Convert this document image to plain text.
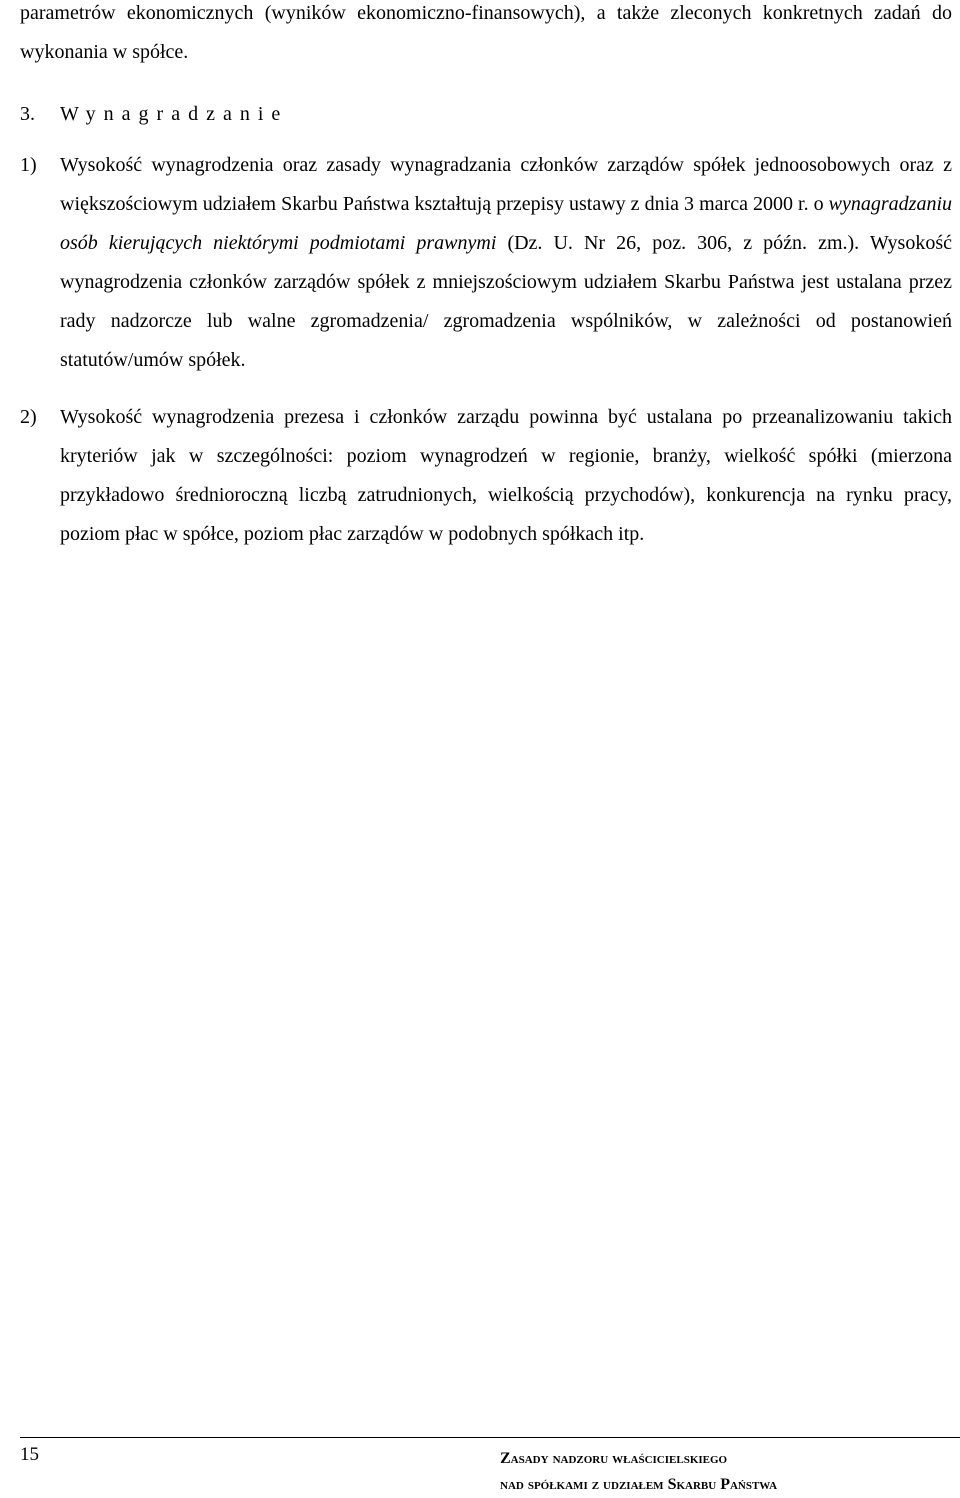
parametrów ekonomicznych (wyników ekonomiczno-finansowych), a także zleconych konkretnych zadań do wykonania w spółce.

3. Wynagradzanie

1) Wysokość wynagrodzenia oraz zasady wynagradzania członków zarządów spółek jednoosobowych oraz z większościowym udziałem Skarbu Państwa kształtują przepisy ustawy z dnia 3 marca 2000 r. o wynagradzaniu osób kierujących niektórymi podmiotami prawnymi (Dz. U. Nr 26, poz. 306, z późn. zm.). Wysokość wynagrodzenia członków zarządów spółek z mniejszościowym udziałem Skarbu Państwa jest ustalana przez rady nadzorcze lub walne zgromadzenia/ zgromadzenia wspólników, w zależności od postanowień statutów/umów spółek.

2) Wysokość wynagrodzenia prezesa i członków zarządu powinna być ustalana po przeanalizowaniu takich kryteriów jak w szczególności: poziom wynagrodzeń w regionie, branży, wielkość spółki (mierzona przykładowo średnioroczną liczbą zatrudnionych, wielkością przychodów), konkurencja na rynku pracy, poziom płac w spółce, poziom płac zarządów w podobnych spółkach itp.

15	Zasady nadzoru właścicielskiego
nad spółkami z udziałem Skarbu Państwa
